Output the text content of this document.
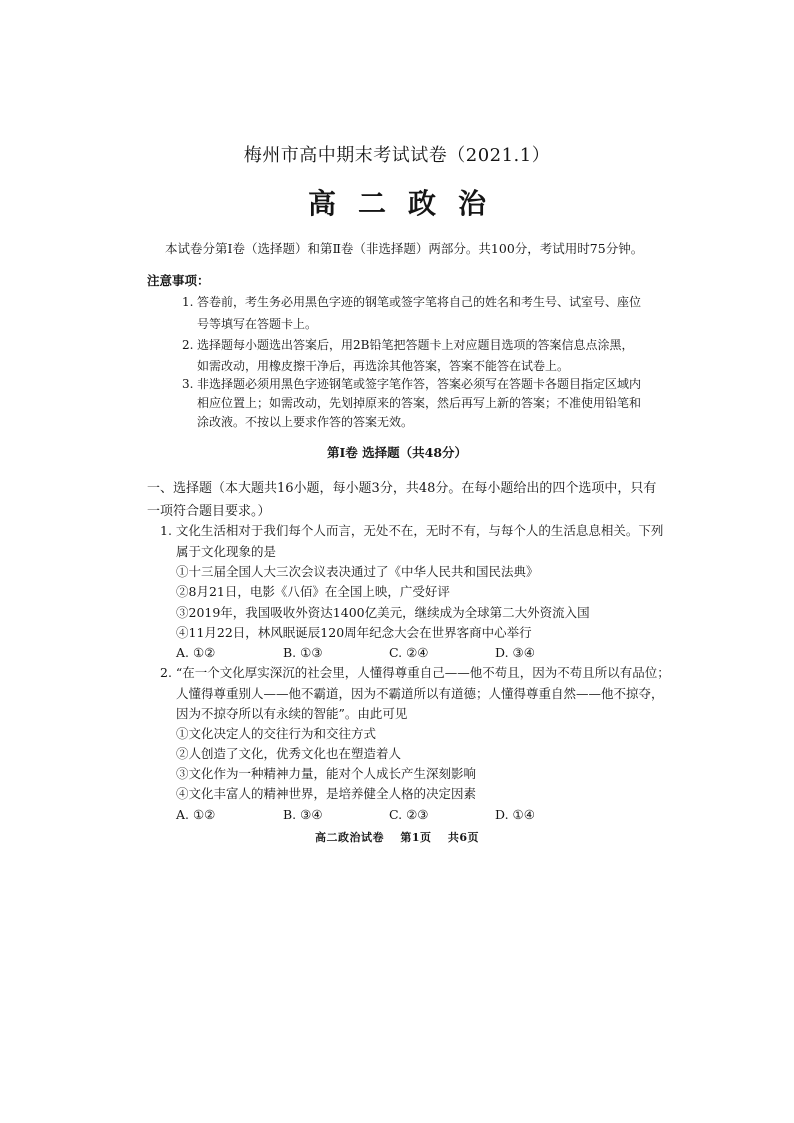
梅州市高中期末考试试卷（2021.1）
高二政治
本试卷分第Ⅰ卷（选择题）和第Ⅱ卷（非选择题）两部分。共100分，考试用时75分钟。
注意事项：
1. 答卷前，考生务必用黑色字迹的钢笔或签字笔将自己的姓名和考生号、试室号、座位
号等填写在答题卡上。
2. 选择题每小题选出答案后，用2B铅笔把答题卡上对应题目选项的答案信息点涂黑，
如需改动，用橡皮擦干净后，再选涂其他答案，答案不能答在试卷上。
3. 非选择题必须用黑色字迹钢笔或签字笔作答，答案必须写在答题卡各题目指定区域内
相应位置上；如需改动，先划掉原来的答案，然后再写上新的答案；不准使用铅笔和
涂改液。不按以上要求作答的答案无效。
第Ⅰ卷 选择题（共48分）
一、选择题（本大题共16小题，每小题3分，共48分。在每小题给出的四个选项中，只有
一项符合题目要求。）
1. 文化生活相对于我们每个人而言，无处不在，无时不有，与每个人的生活息息相关。下列
属于文化现象的是
①十三届全国人大三次会议表决通过了《中华人民共和国民法典》
②8月21日，电影《八佰》在全国上映，广受好评
③2019年，我国吸收外资达1400亿美元，继续成为全球第二大外资流入国
④11月22日，林风眠诞辰120周年纪念大会在世界客商中心举行
A. ①②	B. ①③	C. ②④	D. ③④
2. “在一个文化厚实深沉的社会里，人懂得尊重自己——他不苟且，因为不苟且所以有品位；
人懂得尊重别人——他不霸道，因为不霸道所以有道德；人懂得尊重自然——他不掠夺，
因为不掠夺所以有永续的智能”。由此可见
①文化决定人的交往行为和交往方式
②人创造了文化，优秀文化也在塑造着人
③文化作为一种精神力量，能对个人成长产生深刻影响
④文化丰富人的精神世界，是培养健全人格的决定因素
A. ①②	B. ③④	C. ②③	D. ①④
高二政治试卷 第1页 共6页
